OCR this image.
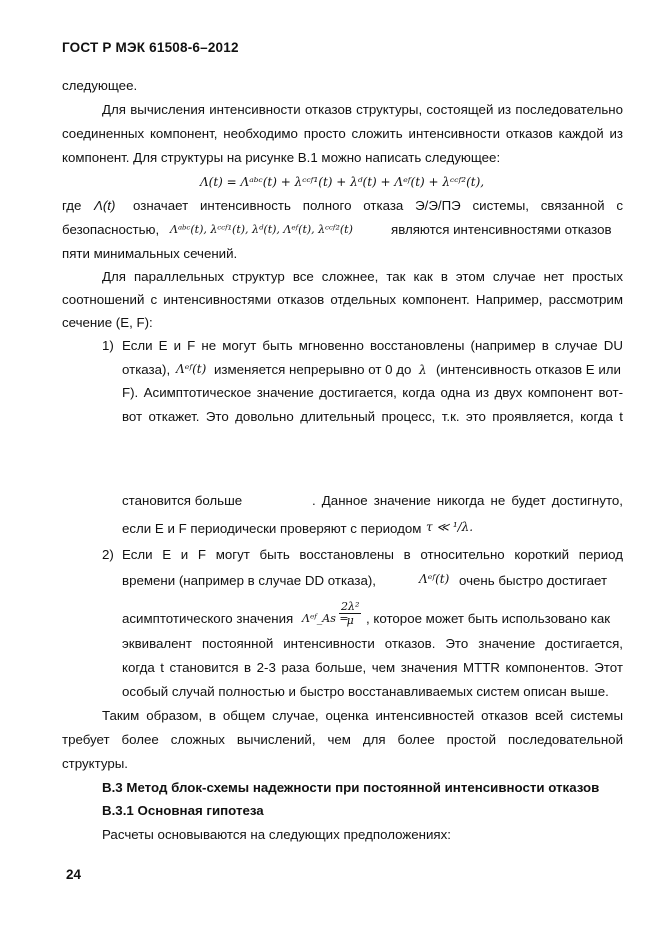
ГОСТ Р МЭК 61508-6–2012
следующее.
Для вычисления интенсивности отказов структуры, состоящей из последовательно
соединенных компонент, необходимо просто сложить интенсивности отказов каждой из
компонент. Для структуры на рисунке В.1 можно написать следующее:
Λ(t) = Λᵃᵇᶜ(t) + λᶜᶜᶠ¹(t) + λᵈ(t) + Λᵉᶠ(t) + λᶜᶜᶠ²(t),
где Λ(t) означает интенсивность полного отказа Э/Э/ПЭ системы, связанной с
безопасностью, Λᵃᵇᶜ(t), λᶜᶜᶠ¹(t), λᵈ(t), Λᵉᶠ(t), λᶜᶜᶠ²(t)	являются интенсивностями отказов
пяти минимальных сечений.
Для параллельных структур все сложнее, так как в этом случае нет простых
соотношений с интенсивностями отказов отдельных компонент. Например, рассмотрим
сечение (E, F):
1) Если E и F не могут быть мгновенно восстановлены (например в случае DU
отказа), Λᵉᶠ(t) изменяется непрерывно от 0 до λ (интенсивность отказов E или
F). Асимптотическое значение достигается, когда одна из двух компонент вот-
вот откажет. Это довольно длительный процесс, т.к. это проявляется, когда t
становится больше	. Данное значение никогда не будет достигнуто,
если E и F периодически проверяют с периодом τ ≪ ¹/λ.
2) Если E и F могут быть восстановлены в относительно короткий период
времени (например в случае DD отказа),	Λᵉᶠ(t) очень быстро достигает
асимптотического значения Λᵉᶠ_As =
$\frac{\text{2λ²}}{\mu}$ , которое может быть использовано как
эквивалент постоянной интенсивности отказов. Это значение достигается,
когда t становится в 2-3 раза больше, чем значения MTTR компонентов. Этот
особый случай полностью и быстро восстанавливаемых систем описан выше.
Таким образом, в общем случае, оценка интенсивностей отказов всей системы
требует более сложных вычислений, чем для более простой последовательной
структуры.
В.3 Метод блок-схемы надежности при постоянной интенсивности отказов
В.3.1 Основная гипотеза
Расчеты основываются на следующих предположениях:
24
